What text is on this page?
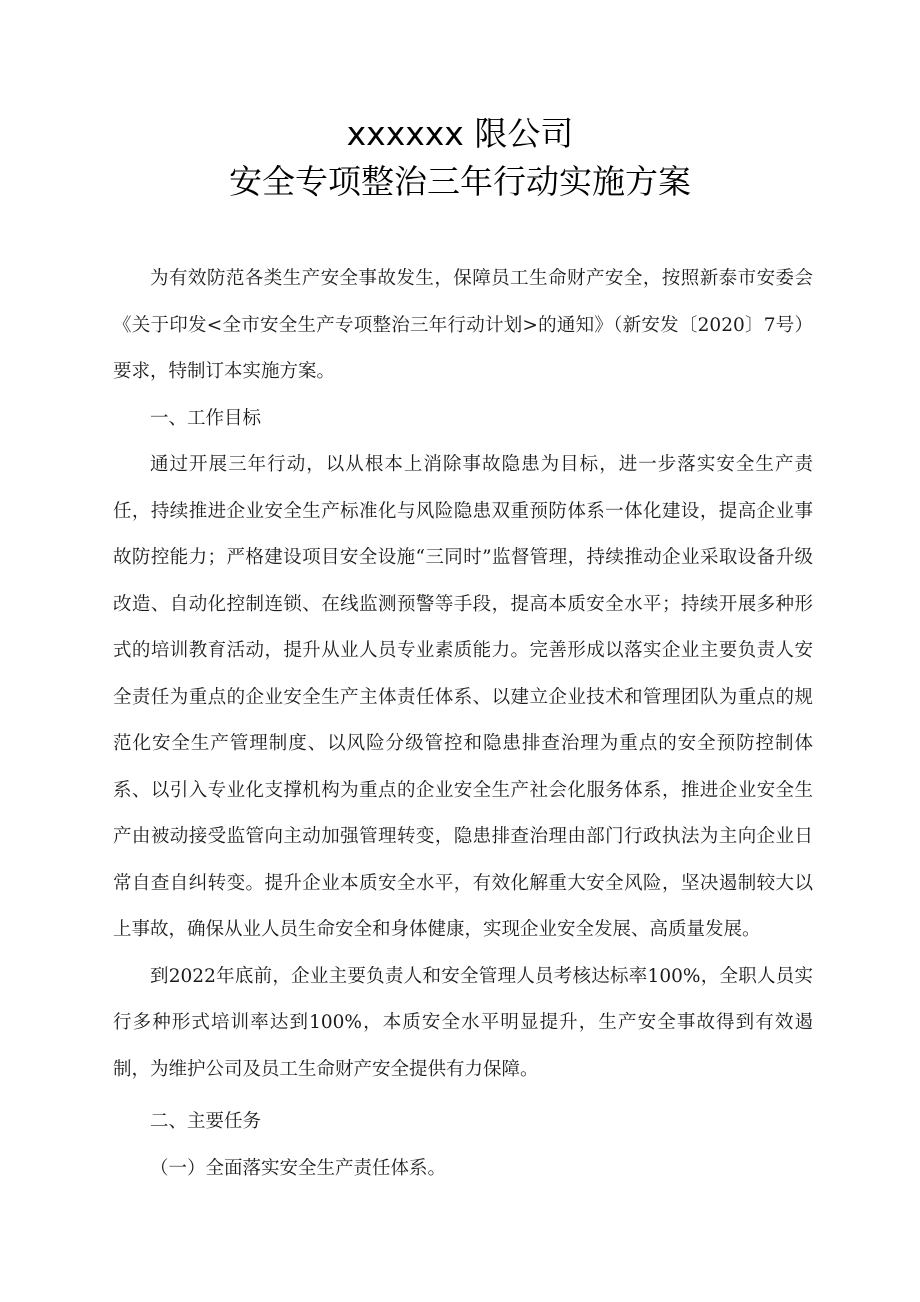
xxxxxx 限公司
安全专项整治三年行动实施方案

为有效防范各类生产安全事故发生，保障员工生命财产安全，按照新泰市安委会《关于印发<全市安全生产专项整治三年行动计划>的通知》（新安发〔2020〕7号）要求，特制订本实施方案。

一、工作目标

通过开展三年行动，以从根本上消除事故隐患为目标，进一步落实安全生产责任，持续推进企业安全生产标准化与风险隐患双重预防体系一体化建设，提高企业事故防控能力；严格建设项目安全设施“三同时”监督管理，持续推动企业采取设备升级改造、自动化控制连锁、在线监测预警等手段，提高本质安全水平；持续开展多种形式的培训教育活动，提升从业人员专业素质能力。完善形成以落实企业主要负责人安全责任为重点的企业安全生产主体责任体系、以建立企业技术和管理团队为重点的规范化安全生产管理制度、以风险分级管控和隐患排查治理为重点的安全预防控制体系、以引入专业化支撑机构为重点的企业安全生产社会化服务体系，推进企业安全生产由被动接受监管向主动加强管理转变，隐患排查治理由部门行政执法为主向企业日常自查自纠转变。提升企业本质安全水平，有效化解重大安全风险，坚决遏制较大以上事故，确保从业人员生命安全和身体健康，实现企业安全发展、高质量发展。

到2022年底前，企业主要负责人和安全管理人员考核达标率100%，全职人员实行多种形式培训率达到100%，本质安全水平明显提升，生产安全事故得到有效遏制，为维护公司及员工生命财产安全提供有力保障。

二、主要任务

（一）全面落实安全生产责任体系。
